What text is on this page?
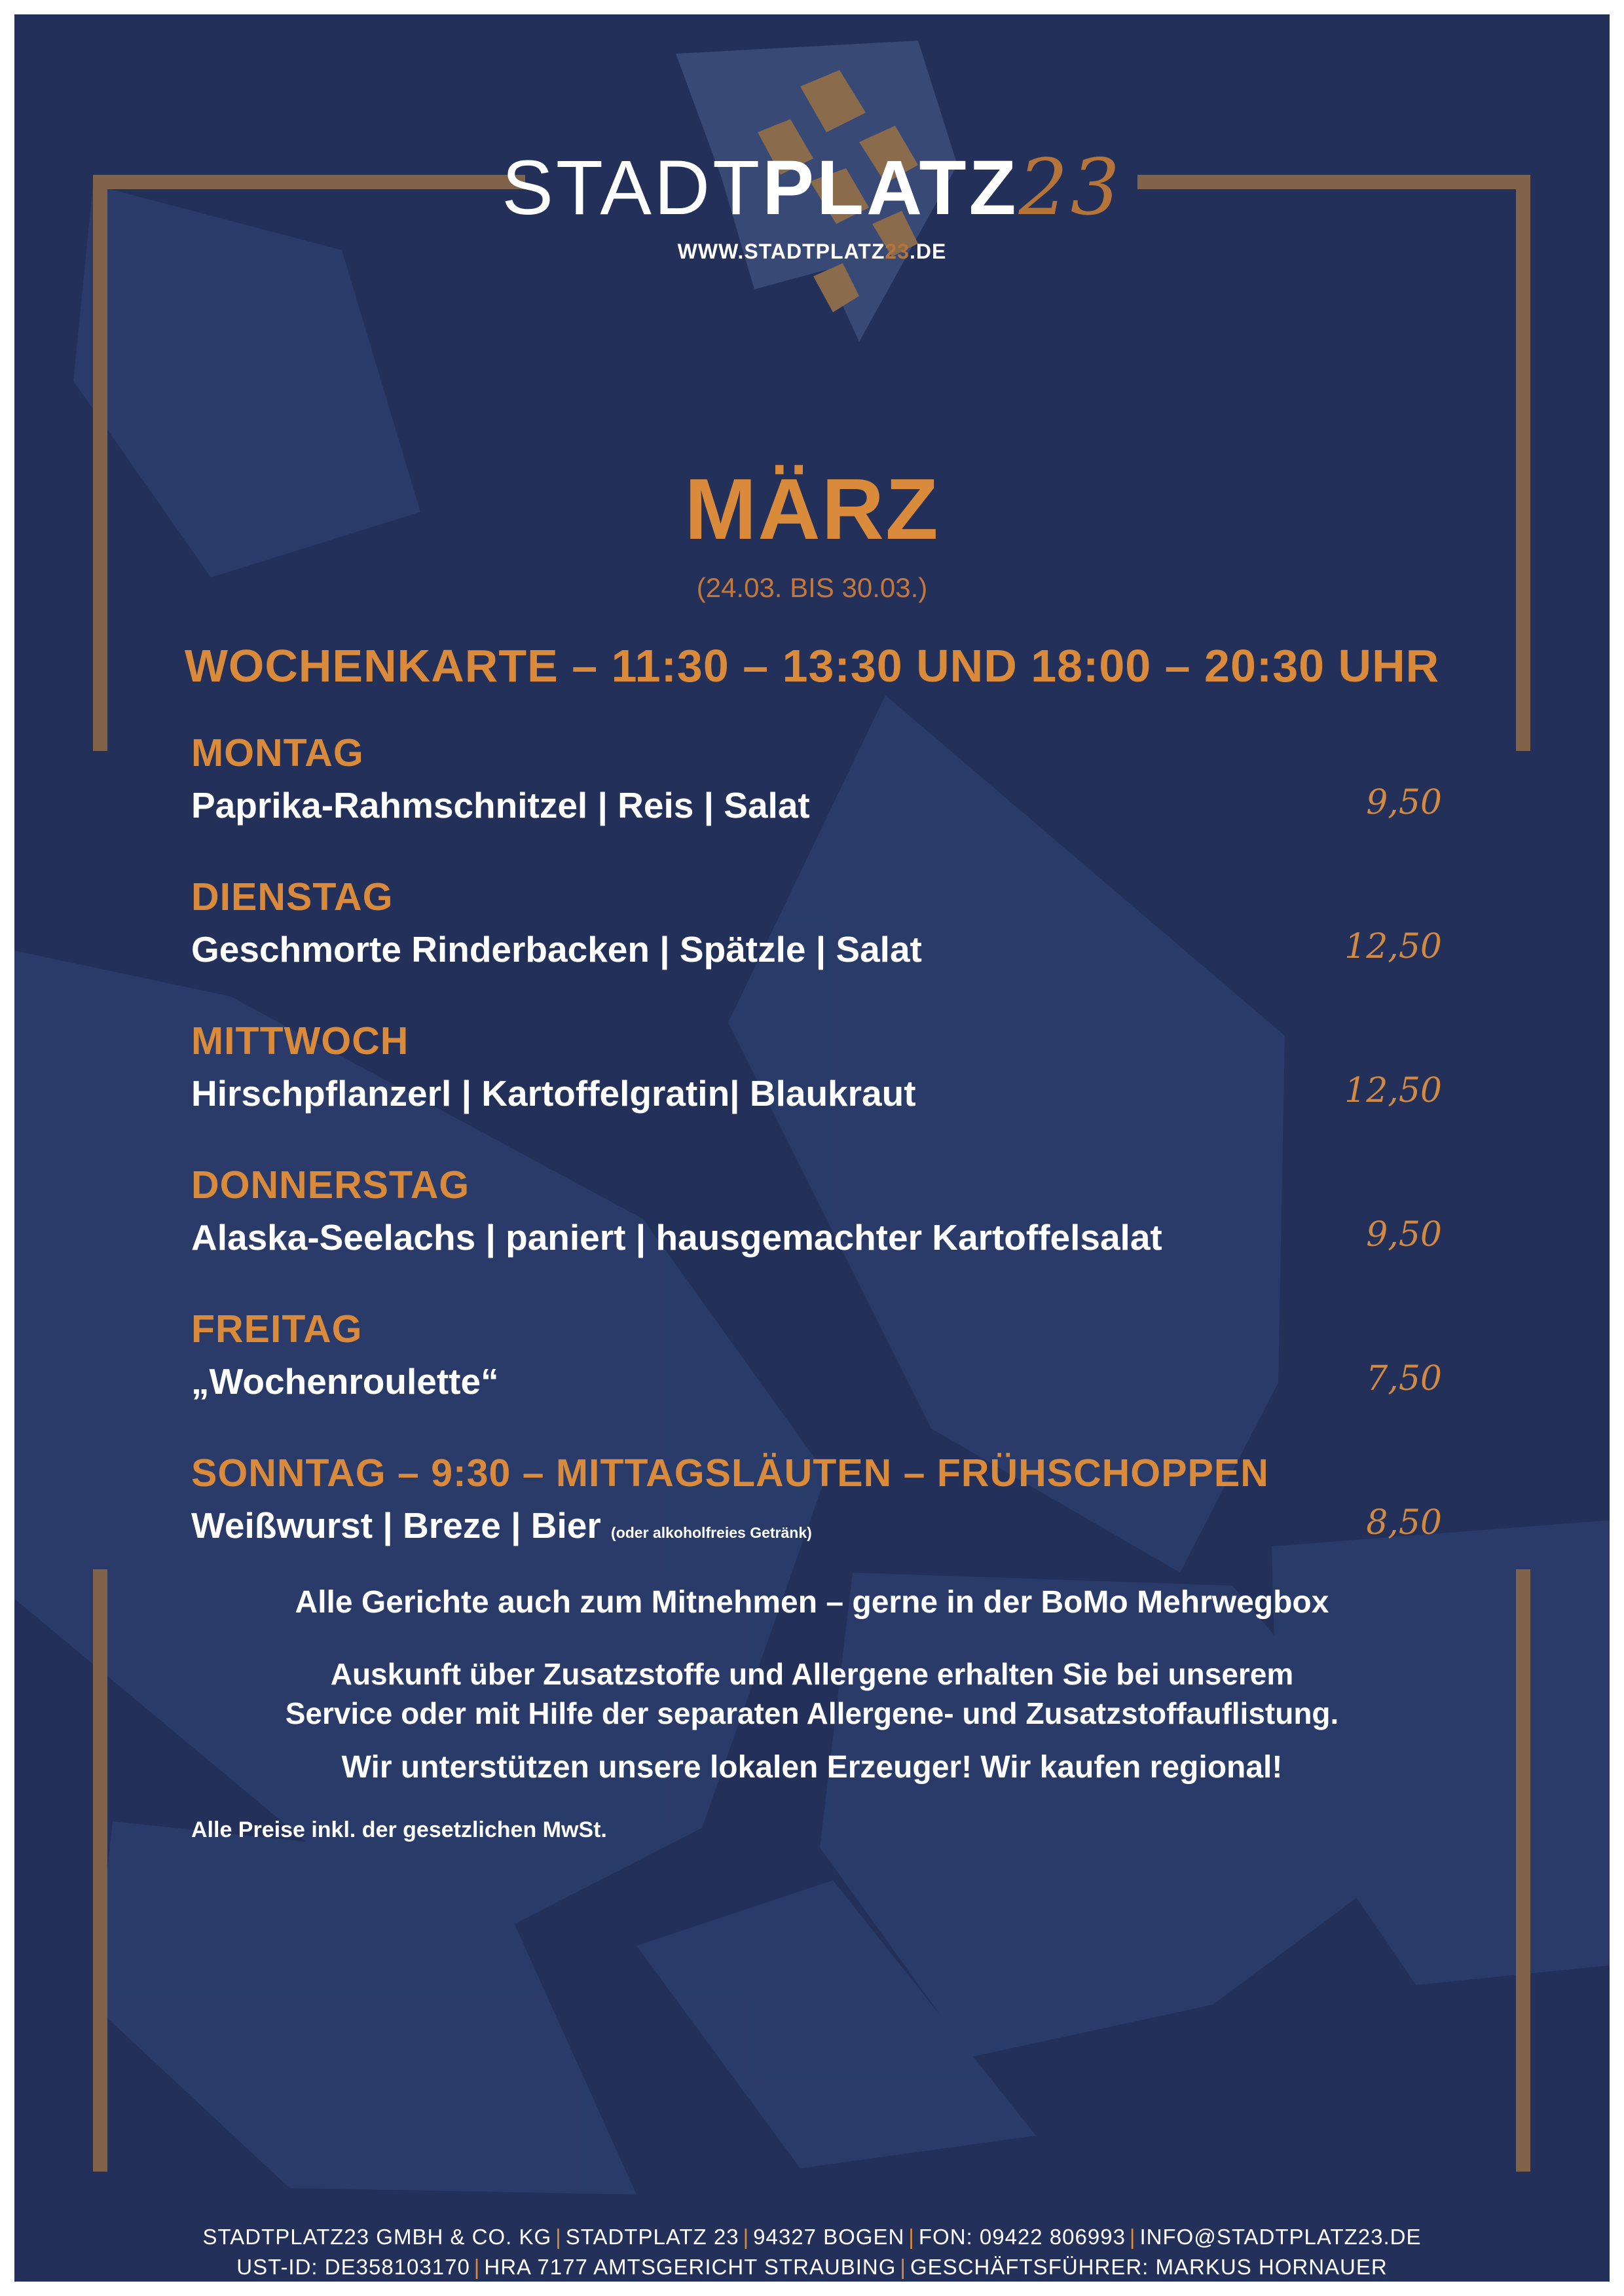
STADTPLATZ23
WWW.STADTPLATZ23.DE
MÄRZ
(24.03. BIS 30.03.)
WOCHENKARTE – 11:30 – 13:30 UND 18:00 – 20:30 UHR
MONTAG
Paprika-Rahmschnitzel | Reis | Salat	9,50
DIENSTAG
Geschmorte Rinderbacken | Spätzle | Salat	12,50
MITTWOCH
Hirschpflanzerl | Kartoffelgratin| Blaukraut	12,50
DONNERSTAG
Alaska-Seelachs | paniert | hausgemachter Kartoffelsalat	9,50
FREITAG
„Wochenroulette“	7,50
SONNTAG – 9:30 – MITTAGSLÄUTEN – FRÜHSCHOPPEN
Weißwurst | Breze | Bier (oder alkoholfreies Getränk)	8,50
Alle Gerichte auch zum Mitnehmen – gerne in der BoMo Mehrwegbox
Auskunft über Zusatzstoffe und Allergene erhalten Sie bei unserem
Service oder mit Hilfe der separaten Allergene- und Zusatzstoffauflistung.
Wir unterstützen unsere lokalen Erzeuger! Wir kaufen regional!
Alle Preise inkl. der gesetzlichen MwSt.
STADTPLATZ23 GMBH & CO. KG | STADTPLATZ 23 | 94327 BOGEN | FON: 09422 806993 | INFO@STADTPLATZ23.DE
UST-ID: DE358103170 | HRA 7177 AMTSGERICHT STRAUBING | GESCHÄFTSFÜHRER: MARKUS HORNAUER
